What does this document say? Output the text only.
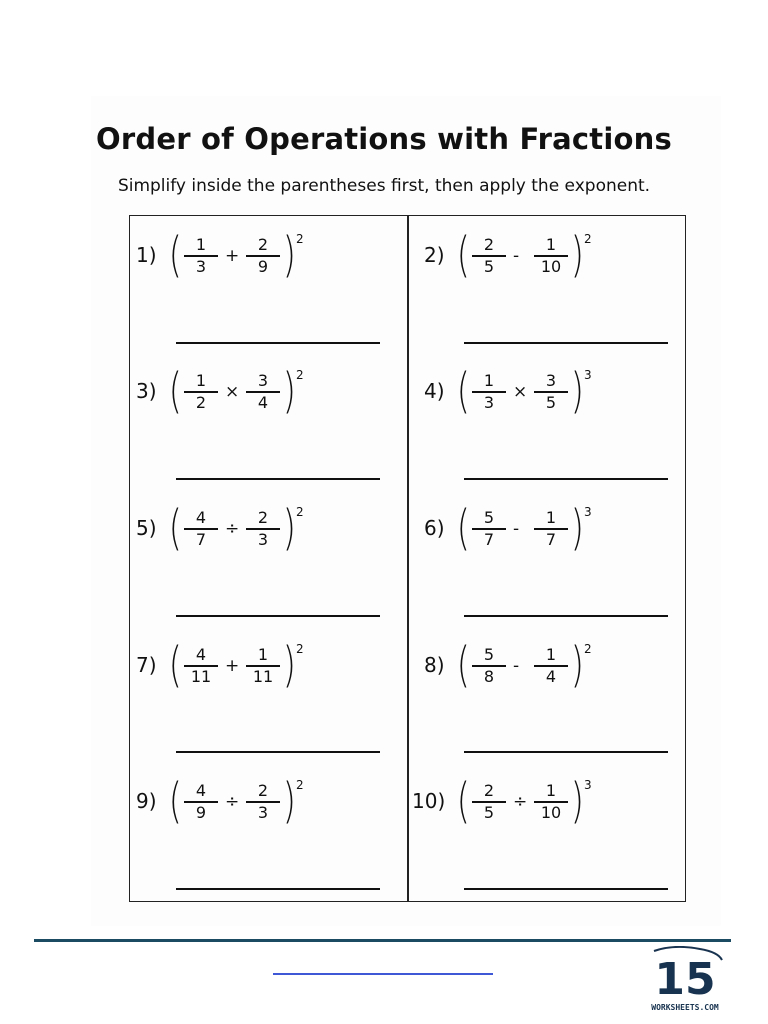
Order of Operations with Fractions
Simplify inside the parentheses first, then apply the exponent.
1) ( 1
3	+
2
9 ) 2
2) ( 2
5	-
1
10 ) 2
3) ( 1
2	×
3
4 ) 2
4) ( 1
3	×
3
5 ) 3
5) ( 4
7	÷
2
3 ) 2
6) ( 5
7	-
1
7 ) 3
7) ( 4
11 +
1
11 ) 2
8) ( 5
8	-
1
4 ) 2
9) ( 4
9	÷
2
3 ) 2
10) ( 2
5	÷
1
10 ) 3
15
WORKSHEETS.COM
